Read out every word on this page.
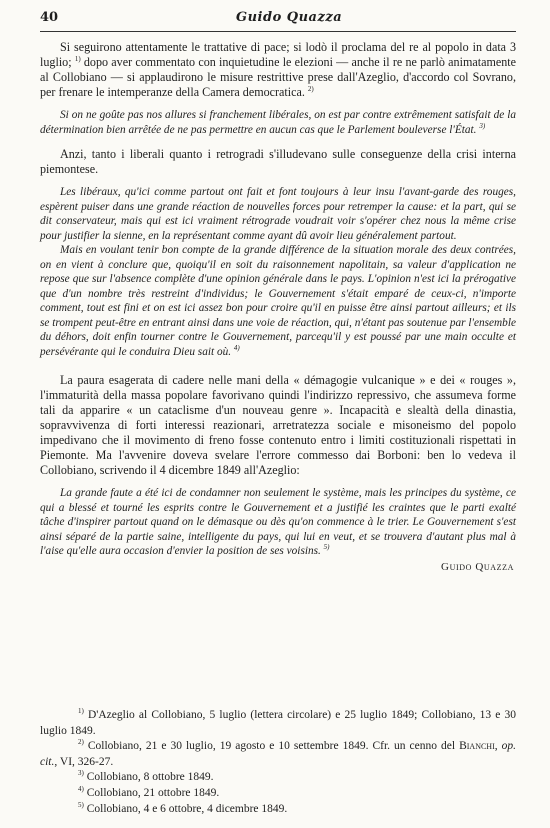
40	Guido Quazza

Si seguirono attentamente le trattative di pace; si lodò il proclama del re al popolo in data 3 luglio; $^{1)}$ dopo aver commentato con inquietudine le elezioni — anche il re ne parlò animatamente al Collobiano — si applaudirono le misure restrittive prese dall'Azeglio, d'accordo col Sovrano, per frenare le intemperanze della Camera democratica. $^{2)}$

Si on ne goûte pas nos allures si franchement libérales, on est par contre extrêmement satisfait de la détermination bien arrêtée de ne pas permettre en aucun cas que le Parlement bouleverse l'État. $^{3)}$

Anzi, tanto i liberali quanto i retrogradi s'illudevano sulle conseguenze della crisi interna piemontese.

Les libéraux, qu'ici comme partout ont fait et font toujours à leur insu l'avant-garde des rouges, espèrent puiser dans une grande réaction de nouvelles forces pour retremper la cause: et la part, qui se dit conservateur, mais qui est ici vraiment rétrograde voudrait voir s'opérer chez nous la même crise pour justifier la sienne, en la représentant comme ayant dû avoir lieu généralement partout.

Mais en voulant tenir bon compte de la grande différence de la situation morale des deux contrées, on en vient à conclure que, quoiqu'il en soit du raisonnement napolitain, sa valeur d'application ne repose que sur l'absence complète d'une opinion générale dans le pays. L'opinion n'est ici la prérogative que d'un nombre très restreint d'individus; le Gouvernement s'était emparé de ceux-ci, n'importe comment, tout est fini et on est ici assez bon pour croire qu'il en puisse être ainsi partout ailleurs; et ils se trompent peut-être en entrant ainsi dans une voie de réaction, qui, n'étant pas soutenue par l'ensemble du déhors, doit enfin tourner contre le Gouvernement, parcequ'il y est poussé par une main occulte et persévérante qui le conduira Dieu sait où. $^{4)}$

La paura esagerata di cadere nelle mani della « démagogie vulcanique » e dei « rouges », l'immaturità della massa popolare favorivano quindi l'indirizzo repressivo, che assumeva forme tali da apparire « un cataclisme d'un nouveau genre ». Incapacità e slealtà della dinastia, sopravvivenza di forti interessi reazionari, arretratezza sociale e misoneismo del popolo impedivano che il movimento di freno fosse contenuto entro i limiti costituzionali rispettati in Piemonte. Ma l'avvenire doveva svelare l'errore commesso dai Borboni: ben lo vedeva il Collobiano, scrivendo il 4 dicembre 1849 all'Azeglio:

La grande faute a été ici de condamner non seulement le système, mais les principes du système, ce qui a blessé et tourné les esprits contre le Gouvernement et a justifié les craintes que le parti exalté tâche d'inspirer partout quand on le démasque ou dès qu'on commence à le trier. Le Gouvernement s'est ainsi séparé de la partie saine, intelligente du pays, qui lui en veut, et se trouvera d'autant plus mal à l'aise qu'elle aura occasion d'envier la position de ses voisins. $^{5)}$

Guido Quazza

$^{1)}$ D'Azeglio al Collobiano, 5 luglio (lettera circolare) e 25 luglio 1849; Collobiano, 13 e 30 luglio 1849.

$^{2)}$ Collobiano, 21 e 30 luglio, 19 agosto e 10 settembre 1849. Cfr. un cenno del Bianchi, op. cit., VI, 326-27.

$^{3)}$ Collobiano, 8 ottobre 1849.

$^{4)}$ Collobiano, 21 ottobre 1849.

$^{5)}$ Collobiano, 4 e 6 ottobre, 4 dicembre 1849.
